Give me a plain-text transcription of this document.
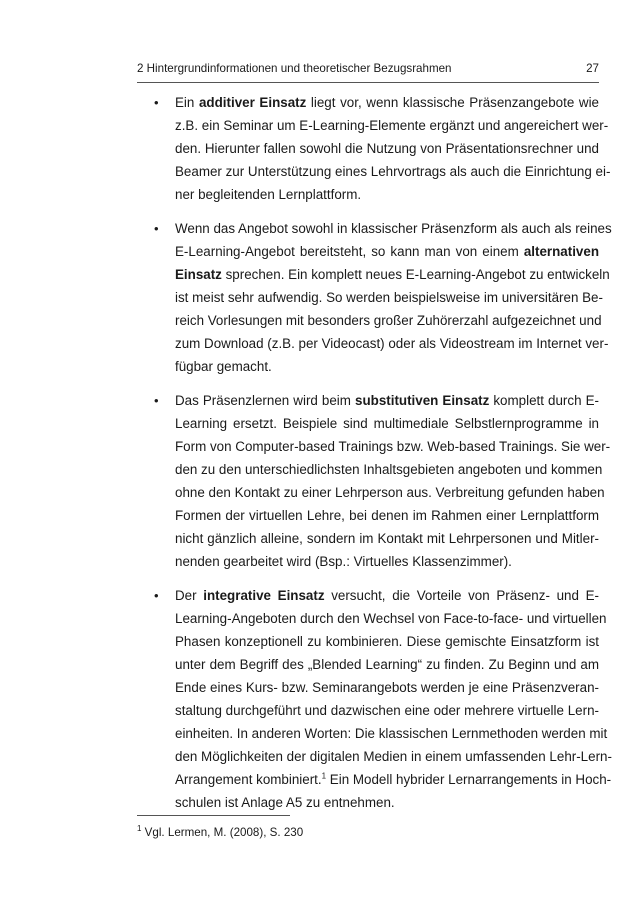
2 Hintergrundinformationen und theoretischer Bezugsrahmen	27
• Ein additiver Einsatz liegt vor, wenn klassische Präsenzangebote wie
z.B. ein Seminar um E-Learning-Elemente ergänzt und angereichert wer-
den. Hierunter fallen sowohl die Nutzung von Präsentationsrechner und
Beamer zur Unterstützung eines Lehrvortrags als auch die Einrichtung ei-
ner begleitenden Lernplattform.
• Wenn das Angebot sowohl in klassischer Präsenzform als auch als reines
E-Learning-Angebot bereitsteht, so kann man von einem alternativen
Einsatz sprechen. Ein komplett neues E-Learning-Angebot zu entwickeln
ist meist sehr aufwendig. So werden beispielsweise im universitären Be-
reich Vorlesungen mit besonders großer Zuhörerzahl aufgezeichnet und
zum Download (z.B. per Videocast) oder als Videostream im Internet ver-
fügbar gemacht.
• Das Präsenzlernen wird beim substitutiven Einsatz komplett durch E-
Learning ersetzt. Beispiele sind multimediale Selbstlernprogramme in
Form von Computer-based Trainings bzw. Web-based Trainings. Sie wer-
den zu den unterschiedlichsten Inhaltsgebieten angeboten und kommen
ohne den Kontakt zu einer Lehrperson aus. Verbreitung gefunden haben
Formen der virtuellen Lehre, bei denen im Rahmen einer Lernplattform
nicht gänzlich alleine, sondern im Kontakt mit Lehrpersonen und Mitler-
nenden gearbeitet wird (Bsp.: Virtuelles Klassenzimmer).
• Der integrative Einsatz versucht, die Vorteile von Präsenz- und E-
Learning-Angeboten durch den Wechsel von Face-to-face- und virtuellen
Phasen konzeptionell zu kombinieren. Diese gemischte Einsatzform ist
unter dem Begriff des „Blended Learning“ zu finden. Zu Beginn und am
Ende eines Kurs- bzw. Seminarangebots werden je eine Präsenzveran-
staltung durchgeführt und dazwischen eine oder mehrere virtuelle Lern-
einheiten. In anderen Worten: Die klassischen Lernmethoden werden mit
den Möglichkeiten der digitalen Medien in einem umfassenden Lehr-Lern-
Arrangement kombiniert.$^1$ Ein Modell hybrider Lernarrangements in Hoch-
schulen ist Anlage A5 zu entnehmen.
$^1$ Vgl. Lermen, M. (2008), S. 230
